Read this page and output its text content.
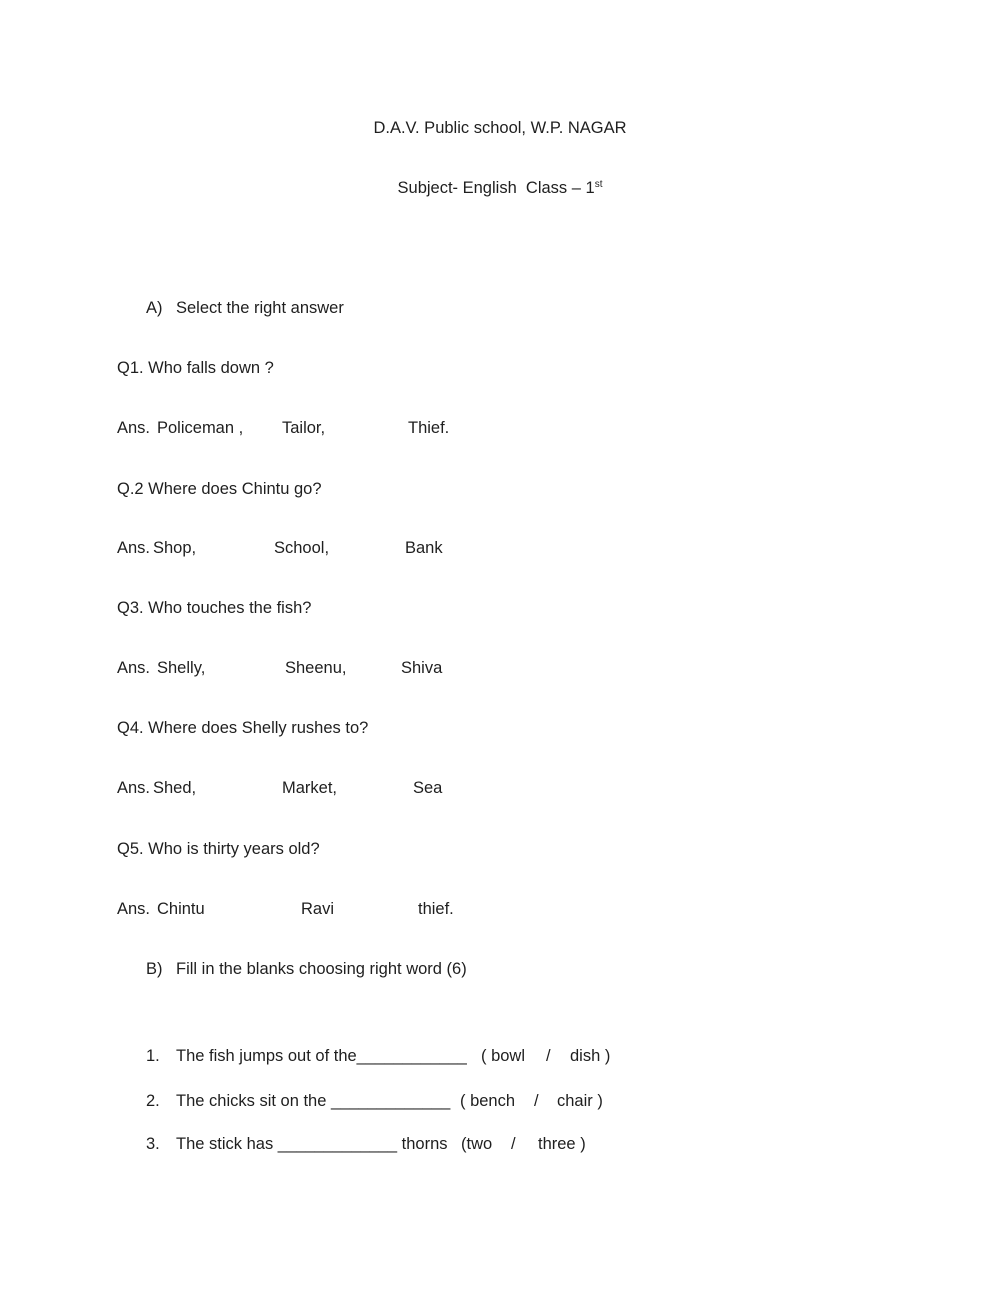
D.A.V. Public school, W.P. NAGAR
Subject- English  Class – 1st
A) Select the right answer
Q1. Who falls down ?
Ans. Policeman , Tailor,	Thief.
Q.2 Where does Chintu go?
Ans. Shop,	School,	Bank
Q3. Who touches the fish?
Ans. Shelly,	Sheenu,	Shiva
Q4. Where does Shelly rushes to?
Ans. Shed,	Market,	Sea
Q5. Who is thirty years old?
Ans. Chintu	Ravi	thief.
B) Fill in the blanks choosing right word (6)
1. The fish jumps out of the____________ ( bowl / dish )
2. The chicks sit on the _____________ ( bench / chair )
3. The stick has _____________ thorns (two / three )
